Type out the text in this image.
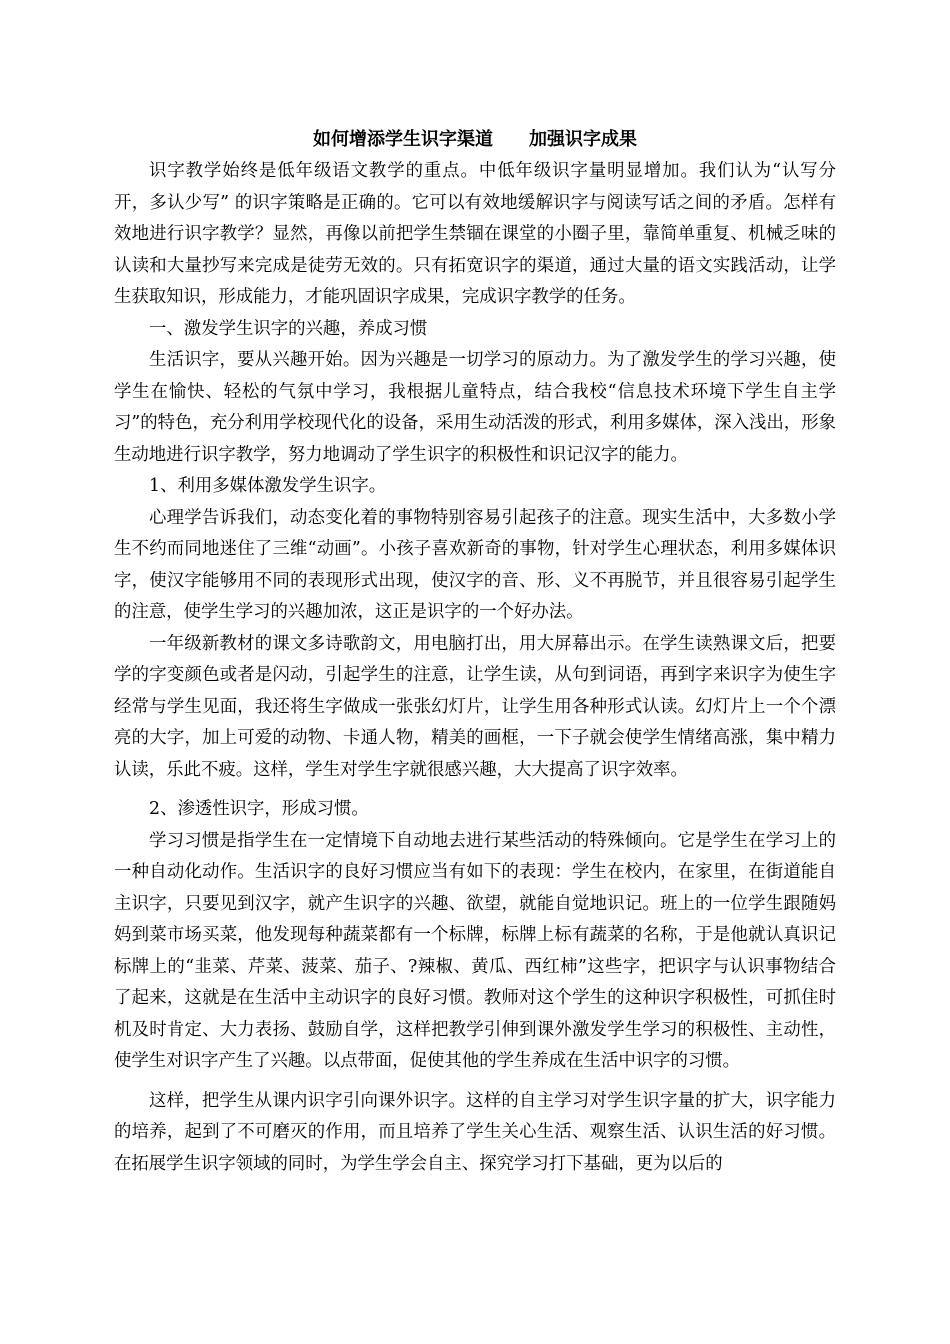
如何增添学生识字渠道　　加强识字成果

识字教学始终是低年级语文教学的重点。中低年级识字量明显增加。我们认为“认写分开，多认少写” 的识字策略是正确的。它可以有效地缓解识字与阅读写话之间的矛盾。怎样有效地进行识字教学？显然，再像以前把学生禁锢在课堂的小圈子里，靠简单重复、机械乏味的认读和大量抄写来完成是徒劳无效的。只有拓宽识字的渠道，通过大量的语文实践活动，让学生获取知识，形成能力，才能巩固识字成果，完成识字教学的任务。

一、激发学生识字的兴趣，养成习惯

生活识字，要从兴趣开始。因为兴趣是一切学习的原动力。为了激发学生的学习兴趣，使学生在愉快、轻松的气氛中学习，我根据儿童特点，结合我校“信息技术环境下学生自主学习”的特色，充分利用学校现代化的设备，采用生动活泼的形式，利用多媒体，深入浅出，形象生动地进行识字教学，努力地调动了学生识字的积极性和识记汉字的能力。

1、利用多媒体激发学生识字。

心理学告诉我们，动态变化着的事物特别容易引起孩子的注意。现实生活中，大多数小学生不约而同地迷住了三维“动画”。小孩子喜欢新奇的事物，针对学生心理状态，利用多媒体识字，使汉字能够用不同的表现形式出现，使汉字的音、形、义不再脱节，并且很容易引起学生的注意，使学生学习的兴趣加浓，这正是识字的一个好办法。

一年级新教材的课文多诗歌韵文，用电脑打出，用大屏幕出示。在学生读熟课文后，把要学的字变颜色或者是闪动，引起学生的注意，让学生读，从句到词语，再到字来识字为使生字经常与学生见面，我还将生字做成一张张幻灯片，让学生用各种形式认读。幻灯片上一个个漂亮的大字，加上可爱的动物、卡通人物，精美的画框，一下子就会使学生情绪高涨，集中精力认读，乐此不疲。这样，学生对学生字就很感兴趣，大大提高了识字效率。

2、渗透性识字，形成习惯。

学习习惯是指学生在一定情境下自动地去进行某些活动的特殊倾向。它是学生在学习上的一种自动化动作。生活识字的良好习惯应当有如下的表现：学生在校内，在家里，在街道能自主识字，只要见到汉字，就产生识字的兴趣、欲望，就能自觉地识记。班上的一位学生跟随妈妈到菜市场买菜，他发现每种蔬菜都有一个标牌，标牌上标有蔬菜的名称，于是他就认真识记标牌上的“韭菜、芹菜、菠菜、茄子、?辣椒、黄瓜、西红柿”这些字，把识字与认识事物结合了起来，这就是在生活中主动识字的良好习惯。教师对这个学生的这种识字积极性，可抓住时机及时肯定、大力表扬、鼓励自学，这样把教学引伸到课外激发学生学习的积极性、主动性，使学生对识字产生了兴趣。以点带面，促使其他的学生养成在生活中识字的习惯。

这样，把学生从课内识字引向课外识字。这样的自主学习对学生识字量的扩大，识字能力的培养，起到了不可磨灭的作用，而且培养了学生关心生活、观察生活、认识生活的好习惯。在拓展学生识字领域的同时，为学生学会自主、探究学习打下基础，更为以后的
